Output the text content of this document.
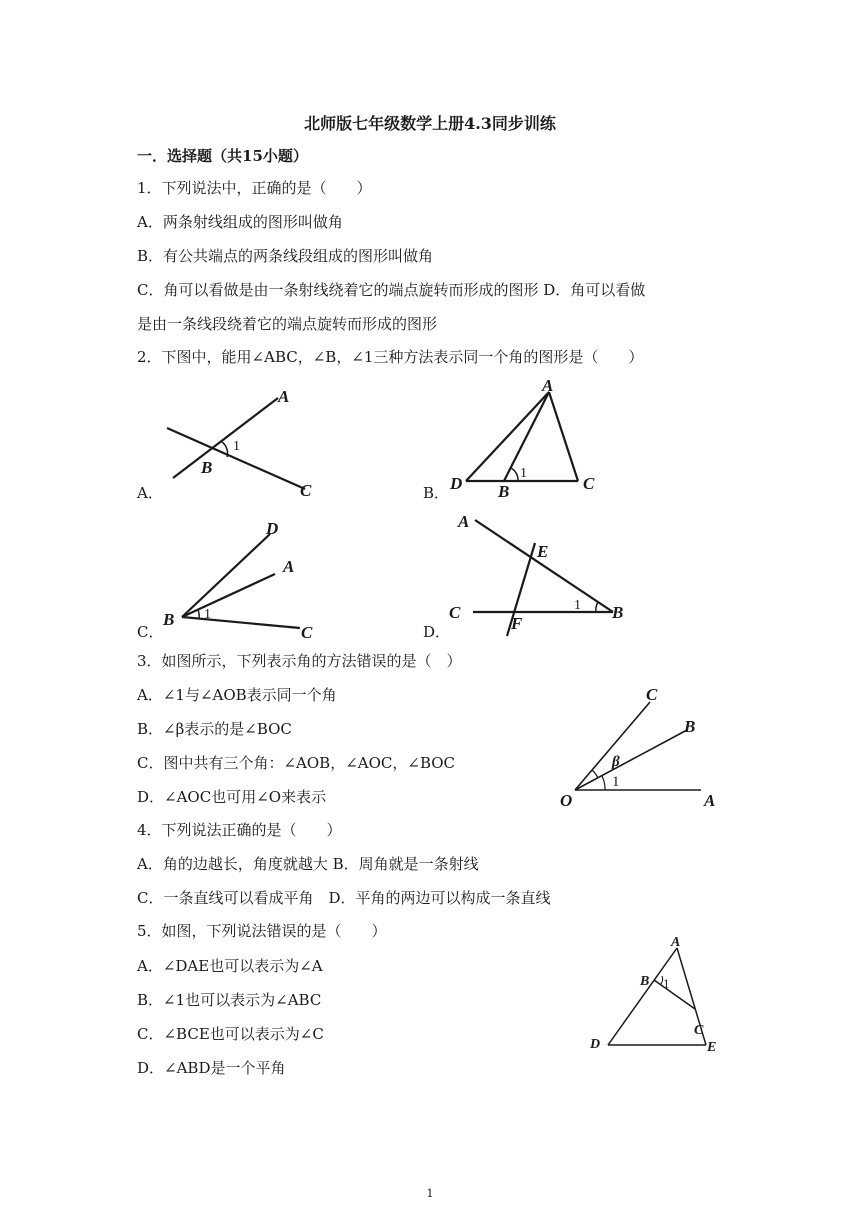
北师版七年级数学上册4.3同步训练
一．选择题（共15小题）
1．下列说法中，正确的是（　　）
A．两条射线组成的图形叫做角
B．有公共端点的两条线段组成的图形叫做角
C．角可以看做是由一条射线绕着它的端点旋转而形成的图形 D．角可以看做
是由一条线段绕着它的端点旋转而形成的图形
2．下图中，能用∠ABC，∠B，∠1三种方法表示同一个角的图形是（　　）
A．
A
B
C
1
B．
A
B	C
D
1
C．
D
A
B
C
1
D．
A
E
C
F
B
1
3．如图所示，下列表示角的方法错误的是（　）
A．∠1与∠AOB表示同一个角
B．∠β表示的是∠BOC
C．图中共有三个角：∠AOB，∠AOC，∠BOC
D．∠AOC也可用∠O来表示
C
B
O	A
β
1
4．下列说法正确的是（　　）
A．角的边越长，角度就越大 B．周角就是一条射线
C．一条直线可以看成平角　D．平角的两边可以构成一条直线
5．如图，下列说法错误的是（　　）
A．∠DAE也可以表示为∠A
B．∠1也可以表示为∠ABC
C．∠BCE也可以表示为∠C
D．∠ABD是一个平角
A
B
C
D	E
1
1
